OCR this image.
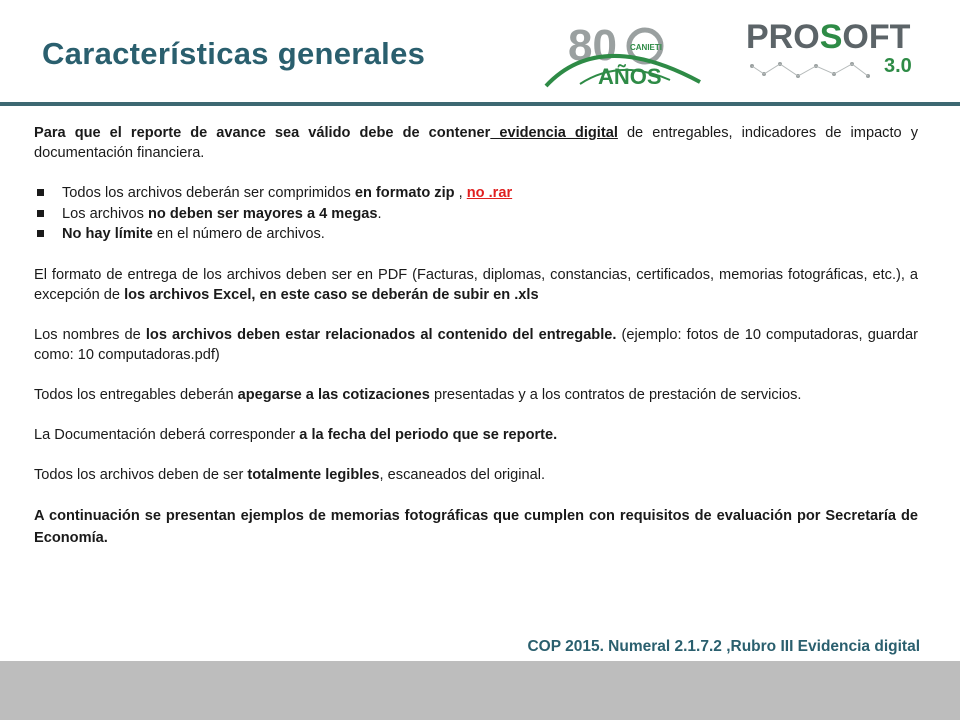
Características generales	80 CANIETI
AÑOS
PROSOFT
3.0

Para que el reporte de avance sea válido debe de contener evidencia digital de entregables, indicadores de impacto y documentación financiera.

Todos los archivos deberán ser comprimidos en formato zip , no .rar
Los archivos no deben ser mayores a 4 megas.
No hay límite en el número de archivos.

El formato de entrega de los archivos deben ser en PDF (Facturas, diplomas, constancias, certificados, memorias fotográficas, etc.), a excepción de los archivos Excel, en este caso se deberán de subir en .xls

Los nombres de los archivos deben estar relacionados al contenido del entregable. (ejemplo: fotos de 10 computadoras, guardar como: 10 computadoras.pdf)

Todos los entregables deberán apegarse a las cotizaciones presentadas y a los contratos de prestación de servicios.

La Documentación deberá corresponder a la fecha del periodo que se reporte.

Todos los archivos deben de ser totalmente legibles, escaneados del original.

A continuación se presentan ejemplos de memorias fotográficas que cumplen con requisitos de evaluación por Secretaría de Economía.

COP 2015. Numeral 2.1.7.2 ,Rubro III Evidencia digital
